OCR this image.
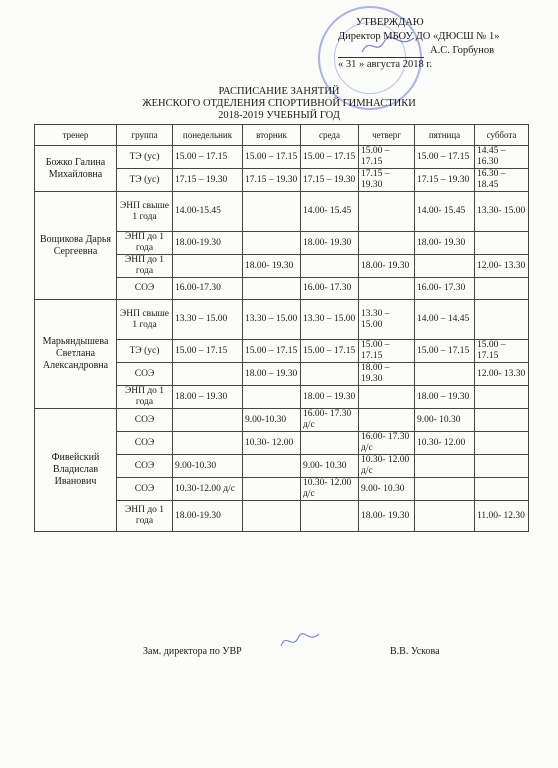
УТВЕРЖДАЮ
Директор МБОУ ДО «ДЮСШ № 1»
А.С. Горбунов
« 31 » августа 2018 г.
РАСПИСАНИЕ ЗАНЯТИЙ
ЖЕНСКОГО ОТДЕЛЕНИЯ СПОРТИВНОЙ ГИМНАСТИКИ
2018-2019 УЧЕБНЫЙ ГОД
тренер	группа	понедельник	вторник	среда	четверг	пятница	суббота
Божко Галина Михайловна	ТЭ (ус)	15.00 – 17.15	15.00 – 17.15	15.00 – 17.15	15.00 – 17.15	15.00 – 17.15	14.45 – 16.30
	ТЭ (ус)	17.15 – 19.30	17.15 – 19.30	17.15 – 19.30	17.15 – 19.30	17.15 – 19.30	16.30 – 18.45
Вощикова Дарья Сергеевна	ЭНП свыше 1 года	14.00-15.45		14.00- 15.45		14.00- 15.45	13.30- 15.00
	ЭНП до 1 года	18.00-19.30		18.00- 19.30		18.00- 19.30	
	ЭНП до 1 года		18.00- 19.30		18.00- 19.30		12.00- 13.30
	СОЭ	16.00-17.30		16.00- 17.30		16.00- 17.30	
Марьяндышева Светлана Александровна	ЭНП свыше 1 года	13.30 – 15.00	13.30 – 15.00	13.30 – 15.00	13.30 – 15.00	14.00 – 14.45	
	ТЭ (ус)	15.00 – 17.15	15.00 – 17.15	15.00 – 17.15	15.00 – 17.15	15.00 – 17.15	15.00 – 17.15
	СОЭ		18.00 – 19.30		18.00 – 19.30		12.00- 13.30
	ЭНП до 1 года	18.00 – 19.30		18.00 – 19.30		18.00 – 19.30	
Фивейский Владислав Иванович	СОЭ		9.00-10.30	16.00- 17.30 д/с		9.00- 10.30	
	СОЭ		10.30- 12.00		16.00- 17.30 д/с	10.30- 12.00	
	СОЭ	9.00-10.30		9.00- 10.30	10.30- 12.00 д/с		
	СОЭ	10.30-12.00 д/с		10.30- 12.00 д/с	9.00- 10.30		
	ЭНП до 1 года	18.00-19.30			18.00- 19.30		11.00- 12.30
Зам. директора по УВР	В.В. Ускова
